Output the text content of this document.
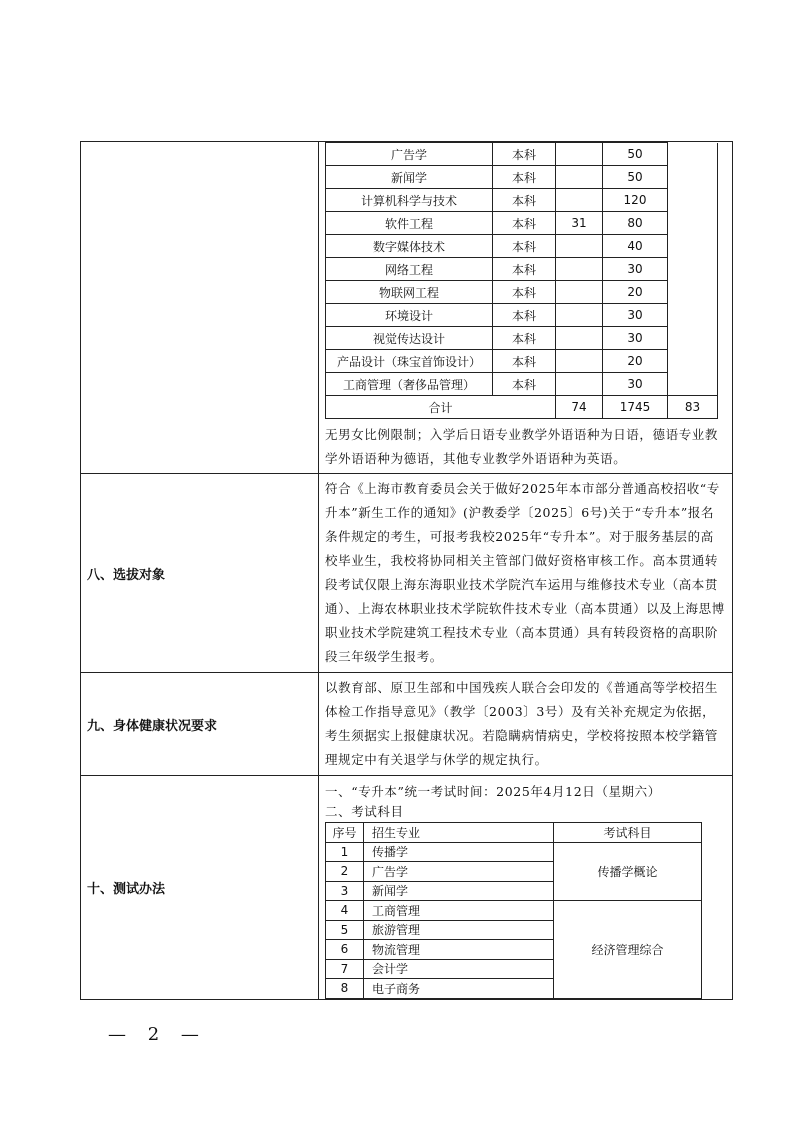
广告学	本科		50	
新闻学	本科		50
计算机科学与技术	本科		120
软件工程	本科	31	80
数字媒体技术	本科		40
网络工程	本科		30
物联网工程	本科		20
环境设计	本科		30
视觉传达设计	本科		30
产品设计（珠宝首饰设计）	本科		20
工商管理（奢侈品管理）	本科		30
合计	74	1745	83
无男女比例限制；入学后日语专业教学外语语种为日语，德语专业教学外语语种为德语，其他专业教学外语语种为英语。

八、选拔对象	
符合《上海市教育委员会关于做好2025年本市部分普通高校招收“专升本”新生工作的通知》(沪教委学〔2025〕6号)关于“专升本”报名条件规定的考生，可报考我校2025年“专升本”。对于服务基层的高校毕业生，我校将协同相关主管部门做好资格审核工作。高本贯通转段考试仅限上海东海职业技术学院汽车运用与维修技术专业（高本贯通）、上海农林职业技术学院软件技术专业（高本贯通）以及上海思博职业技术学院建筑工程技术专业（高本贯通）具有转段资格的高职阶段三年级学生报考。

九、身体健康状况要求	
以教育部、原卫生部和中国残疾人联合会印发的《普通高等学校招生体检工作指导意见》（教学〔2003〕3号）及有关补充规定为依据，考生须据实上报健康状况。若隐瞒病情病史，学校将按照本校学籍管理规定中有关退学与休学的规定执行。

十、测试办法	
一、“专升本”统一考试时间：2025年4月12日（星期六）
二、考试科目
序号	招生专业	考试科目
1	传播学	传播学概论
2	广告学
3	新闻学
4	工商管理	经济管理综合
5	旅游管理
6	物流管理
7	会计学
8	电子商务
— 2 —
